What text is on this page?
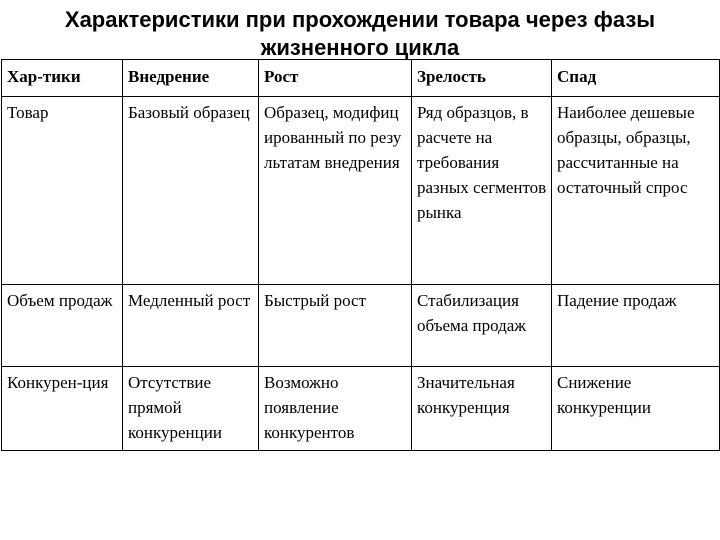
Характеристики при прохождении товара через фазы
жизненного цикла
Хар-тики	Внедрение	Рост	Зрелость	Спад
Товар	Базовый образец	Образец, модифицированный по результатам внедрения	Ряд образцов, в расчете на требования разных сегментов рынка	Наиболее дешевые образцы, образцы, рассчитанные на остаточный спрос
Объем продаж	Медленный рост	Быстрый рост	Стабилизация объема продаж	Падение продаж
Конкурен-ция	Отсутствие прямой конкуренции	Возможно появление конкурентов	Значительная конкуренция	Снижение конкуренции
